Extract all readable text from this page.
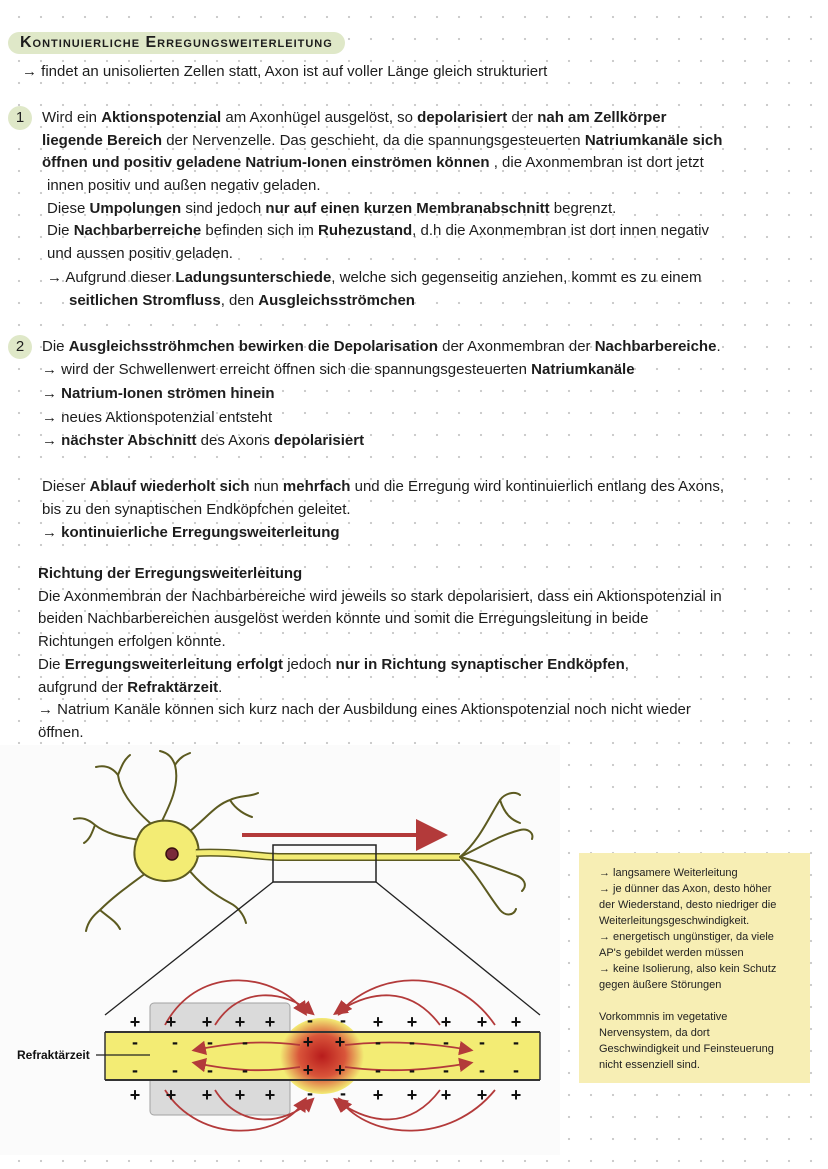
Kontinuierliche Erregungsweiterleitung
→ findet an unisolierten Zellen statt, Axon ist auf voller Länge gleich strukturiert
1	Wird ein Aktionspotenzial am Axonhügel ausgelöst, so depolarisiert der nah am Zellkörper
liegende Bereich der Nervenzelle. Das geschieht, da die spannungsgesteuerten Natriumkanäle sich
öffnen und positiv geladene Natrium-Ionen einströmen können , die Axonmembran ist dort jetzt
innen positiv und außen negativ geladen.
Diese Umpolungen sind jedoch nur auf einen kurzen Membranabschnitt begrenzt.
Die Nachbarberreiche befinden sich im Ruhezustand, d.h die Axonmembran ist dort innen negativ
und aussen positiv geladen.
→ Aufgrund dieser Ladungsunterschiede, welche sich gegenseitig anziehen, kommt es zu einem
seitlichen Stromfluss, den Ausgleichsströmchen
2	Die Ausgleichsströhmchen bewirken die Depolarisation der Axonmembran der Nachbarbereiche.
→ wird der Schwellenwert erreicht öffnen sich die spannungsgesteuerten Natriumkanäle
→ Natrium-Ionen strömen hinein
→ neues Aktionspotenzial entsteht
→ nächster Abschnitt des Axons depolarisiert
Dieser Ablauf wiederholt sich nun mehrfach und die Erregung wird kontinuierlich entlang des Axons,
bis zu den synaptischen Endköpfchen geleitet.
→ kontinuierliche Erregungsweiterleitung
Richtung der Erregungsweiterleitung
Die Axonmembran der Nachbarbereiche wird jeweils so stark depolarisiert, dass ein Aktionspotenzial in
beiden Nachbarbereichen ausgelöst werden könnte und somit die Erregungsleitung in beide
Richtungen erfolgen könnte.
Die Erregungsweiterleitung erfolgt jedoch nur in Richtung synaptischer Endköpfen,
aufgrund der Refraktärzeit.
→ Natrium Kanäle können sich kurz nach der Ausbildung eines Aktionspotenzial noch nicht wieder
öffnen.
+ + + + + - - + + + + +
- - - -	+ + - - - - -
- - - -	+ + - - - - -
+ + + + + - - + + + + +
Refraktärzeit
→ langsamere Weiterleitung
→ je dünner das Axon, desto höher
der Wiederstand, desto niedriger die
Weiterleitungsgeschwindigkeit.
→ energetisch ungünstiger, da viele
AP's gebildet werden müssen
→ keine Isolierung, also kein Schutz
gegen äußere Störungen
Vorkommnis im vegetative
Nervensystem, da dort
Geschwindigkeit und Feinsteuerung
nicht essenziell sind.
